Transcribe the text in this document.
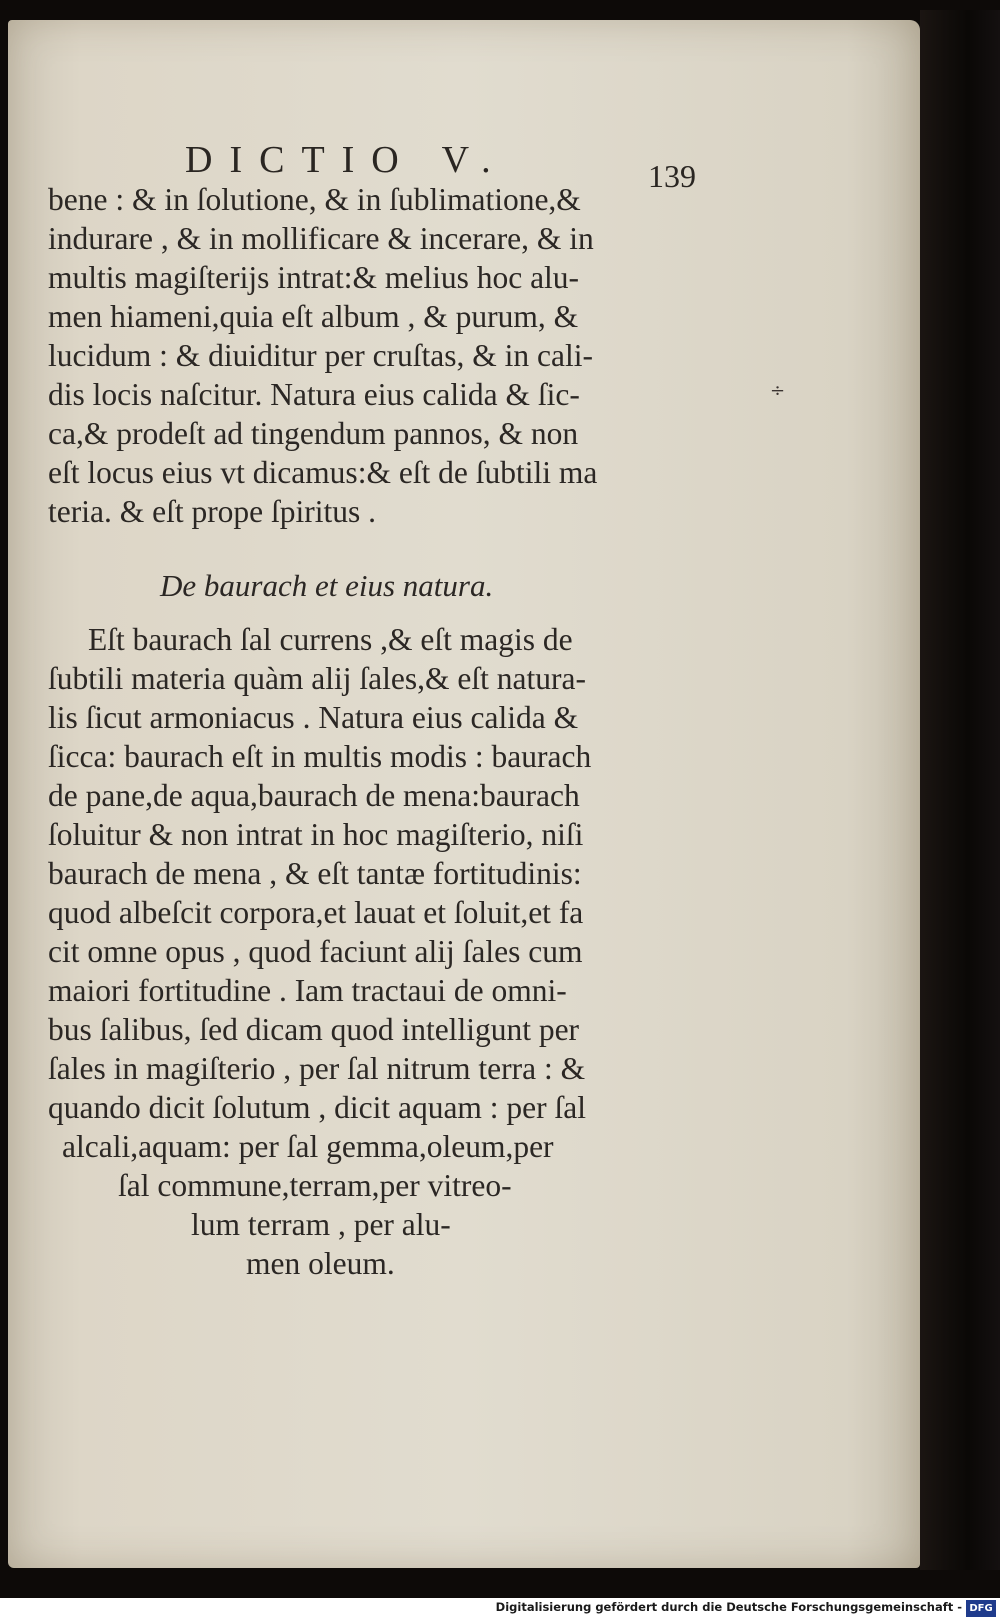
DICTIO V.	139
bene : & in ſolutione, & in ſublimatione,&
indurare , & in mollificare & incerare, & in
multis magiſterijs intrat:& melius hoc alu-
men hiameni,quia eſt album , & purum, &
lucidum : & diuiditur per cruſtas, & in cali-
dis locis naſcitur. Natura eius calida & ſic-
ca,& prodeſt ad tingendum pannos, & non
eſt locus eius vt dicamus:& eſt de ſubtili ma
teria. & eſt prope ſpiritus .
÷
De baurach et eius natura.
Eſt baurach ſal currens ,& eſt magis de
ſubtili materia quàm alij ſales,& eſt natura-
lis ſicut armoniacus . Natura eius calida &
ſicca: baurach eſt in multis modis : baurach
de pane,de aqua,baurach de mena:baurach
ſoluitur & non intrat in hoc magiſterio, niſi
baurach de mena , & eſt tantæ fortitudinis:
quod albeſcit corpora,et lauat et ſoluit,et fa
cit omne opus , quod faciunt alij ſales cum
maiori fortitudine . Iam tractaui de omni-
bus ſalibus, ſed dicam quod intelligunt per
ſales in magiſterio , per ſal nitrum terra : &
quando dicit ſolutum , dicit aquam : per ſal
alcali,aquam: per ſal gemma,oleum,per
ſal commune,terram,per vitreo-
lum terram , per alu-
men oleum.
Digitalisierung gefördert durch die Deutsche Forschungsgemeinschaft - DFG
